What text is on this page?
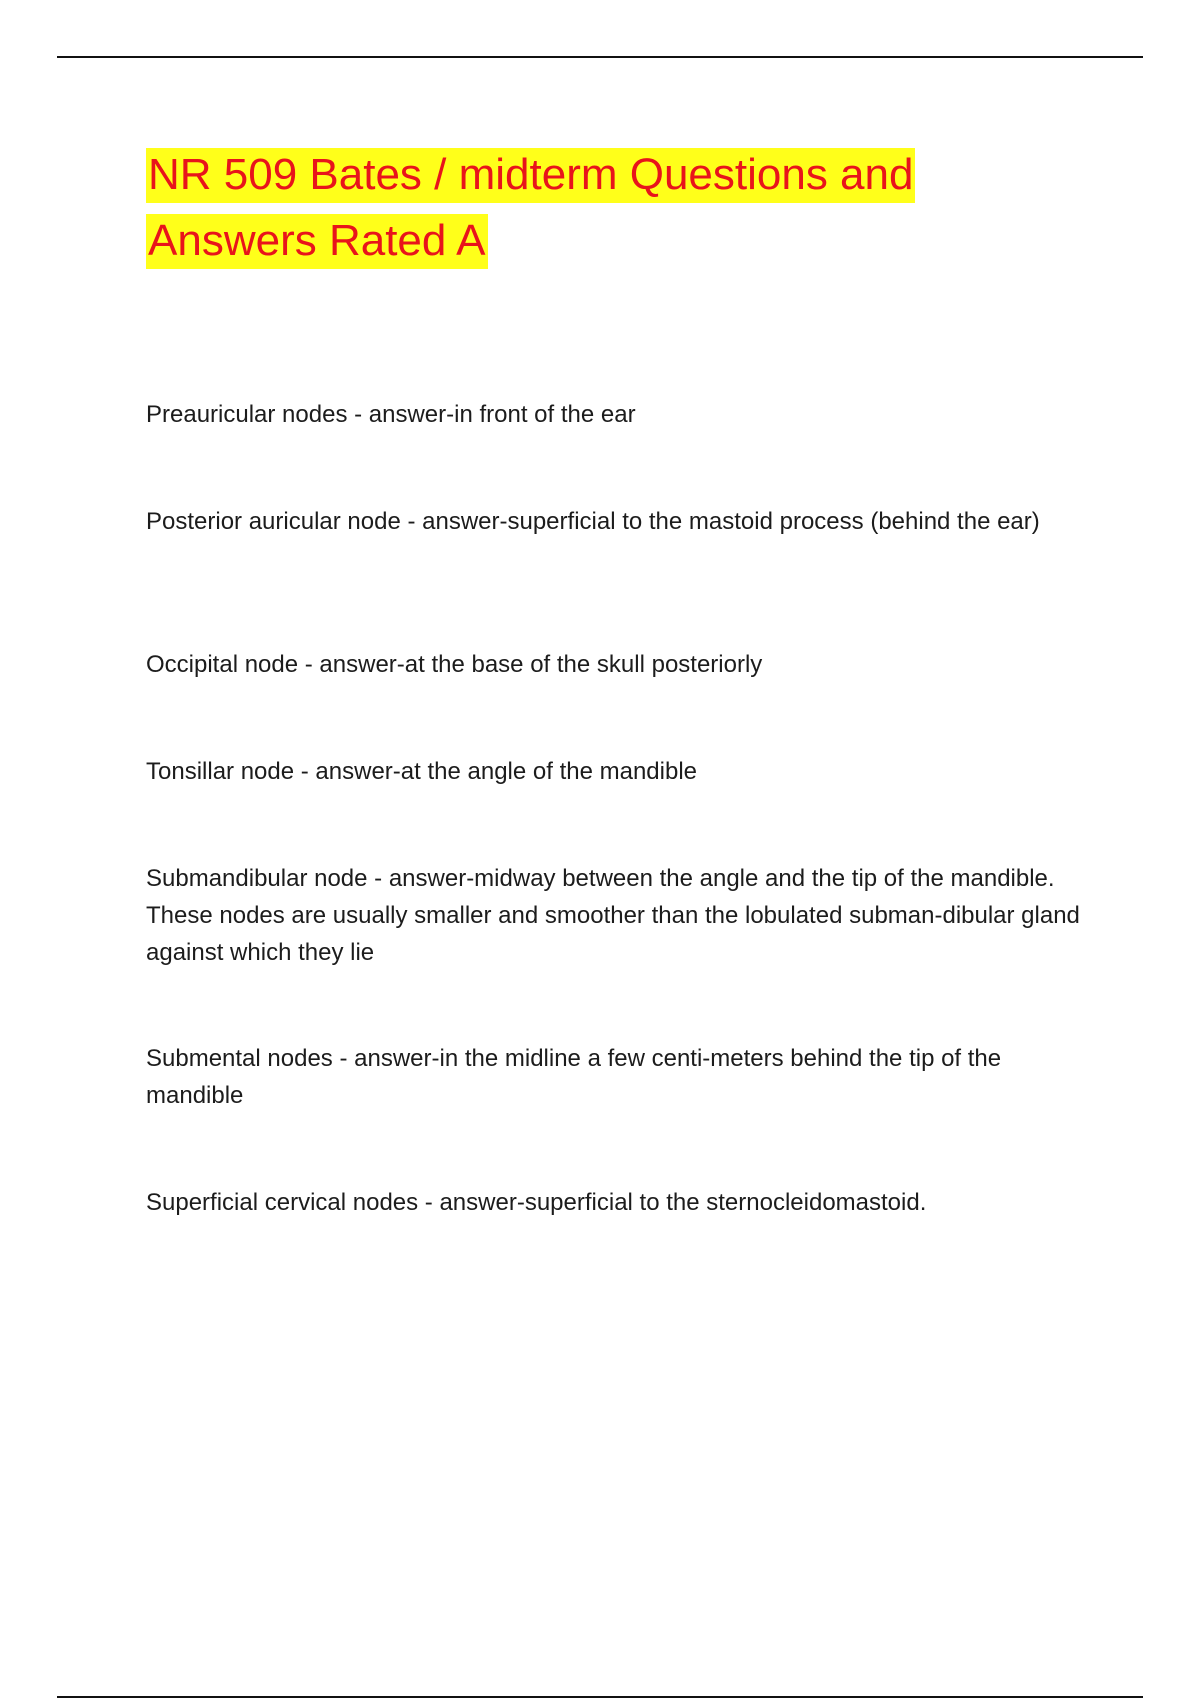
NR 509 Bates / midterm Questions and
Answers Rated A

Preauricular nodes - answer-in front of the ear

Posterior auricular node - answer-superficial to the mastoid process (behind the ear)

Occipital node - answer-at the base of the skull posteriorly

Tonsillar node - answer-at the angle of the mandible

Submandibular node - answer-midway between the angle and the tip of the mandible. These nodes are usually smaller and smoother than the lobulated subman-dibular gland against which they lie

Submental nodes - answer-in the midline a few centi-meters behind the tip of the mandible

Superficial cervical nodes - answer-superficial to the sternocleidomastoid.
